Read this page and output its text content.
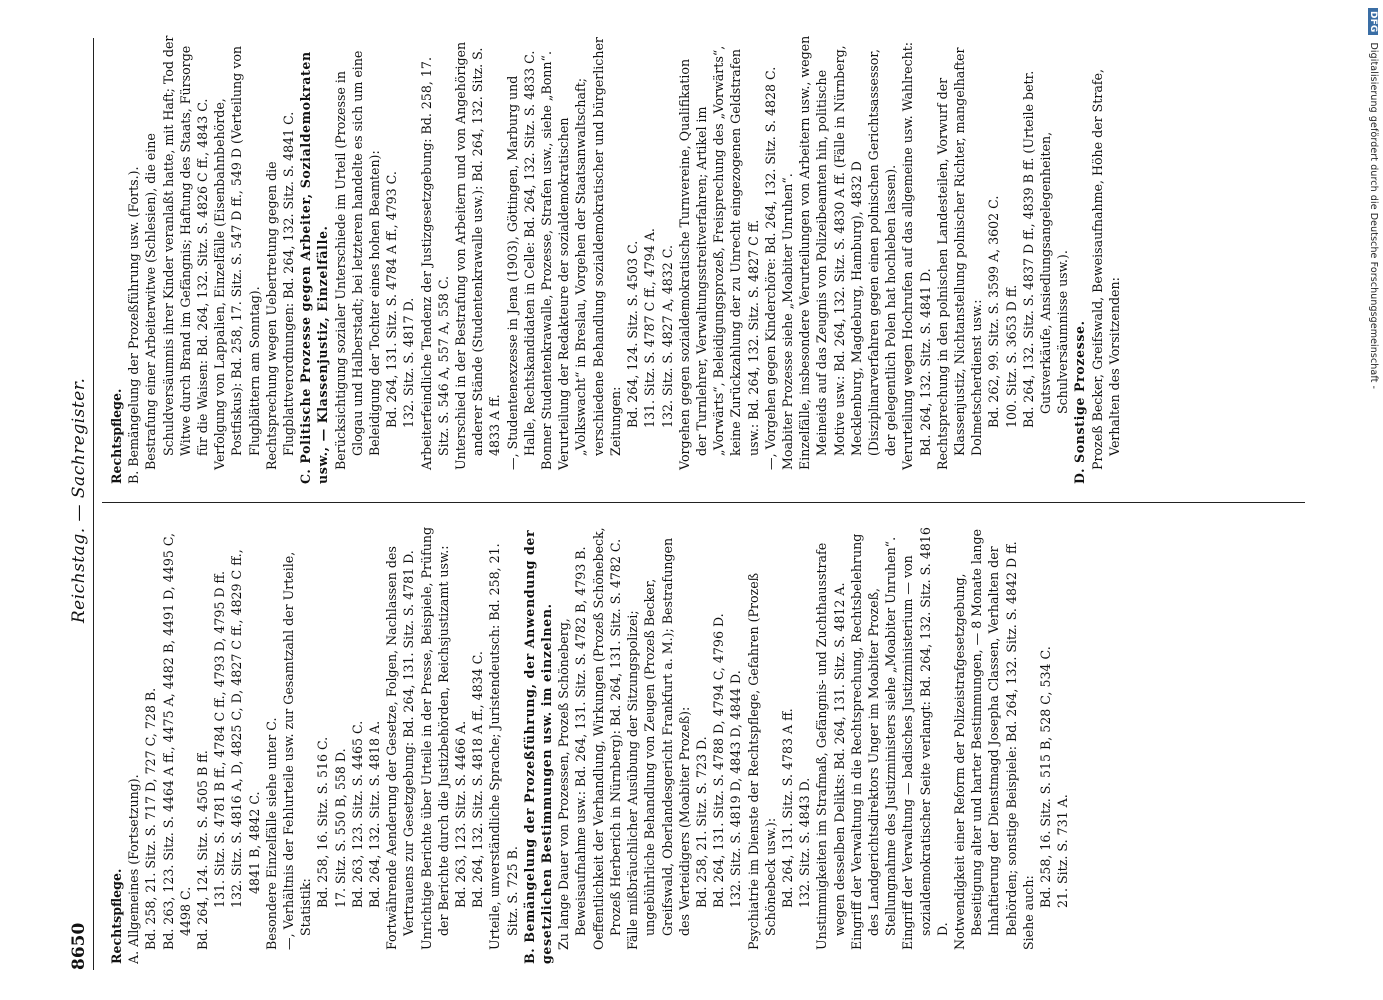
DFG Digitalisierung gefördert durch die Deutsche Forschungsgemeinschaft -
8650
Reichstag. — Sachregister.

Rechtspflege. A. Allgemeines (Fortsetzung). Bd. 258, 21. Sitz. S. 717 D, 727 C, 728 B. Bd. 263, 123. Sitz. S. 4464 A ff., 4475 A, 4482 B, 4491 D, 4495 C, 4498 C. Bd. 264, 124. Sitz. S. 4505 B ff. 131. Sitz. S. 4781 B ff., 4784 C ff., 4793 D, 4795 D ff. 132. Sitz. S. 4816 A, D, 4825 C, D, 4827 C ff., 4829 C ff., 4841 B, 4842 C. Besondere Einzelfälle siehe unter C. —, Verhältnis der Fehlurteile usw. zur Gesamtzahl der Urteile, Statistik: Bd. 258, 16. Sitz. S. 516 C. 17. Sitz. S. 550 B, 558 D. Bd. 263, 123. Sitz. S. 4465 C. Bd. 264, 132. Sitz. S. 4818 A. Fortwährende Aenderung der Gesetze, Folgen, Nachlassen des Vertrauens zur Gesetzgebung: Bd. 264, 131. Sitz. S. 4781 D. Unrichtige Berichte über Urteile in der Presse, Beispiele, Prüfung der Berichte durch die Justizbehörden, Reichsjustizamt usw.: Bd. 263, 123. Sitz. S. 4466 A. Bd. 264, 132. Sitz. S. 4818 A ff., 4834 C. Urteile, unverständliche Sprache; Juristendeutsch: Bd. 258, 21. Sitz. S. 725 B. B. Bemängelung der Prozeßführung, der Anwendung der gesetzlichen Bestimmungen usw. im einzelnen. Zu lange Dauer von Prozessen, Prozeß Schöneberg, Beweisaufnahme usw.: Bd. 264, 131. Sitz. S. 4782 B, 4793 B. Oeffentlichkeit der Verhandlung, Wirkungen (Prozeß Schönebeck, Prozeß Herberich in Nürnberg): Bd. 264, 131. Sitz. S. 4782 C. Fälle mißbräuchlicher Ausübung der Sitzungspolizei; ungebührliche Behandlung von Zeugen (Prozeß Becker, Greifswald, Oberlandesgericht Frankfurt a. M.); Bestrafungen des Verteidigers (Moabiter Prozeß): Bd. 258, 21. Sitz. S. 723 D. Bd. 264, 131. Sitz. S. 4788 D, 4794 C, 4796 D. 132. Sitz. S. 4819 D, 4843 D, 4844 D. Psychiatrie im Dienste der Rechtspflege, Gefahren (Prozeß Schönebeck usw.): Bd. 264, 131. Sitz. S. 4783 A ff. 132. Sitz. S. 4843 D. Unstimmigkeiten im Strafmaß, Gefängnis- und Zuchthausstrafe wegen desselben Delikts: Bd. 264, 131. Sitz. S. 4812 A. Eingriff der Verwaltung in die Rechtsprechung, Rechtsbelehrung des Landgerichtsdirektors Unger im Moabiter Prozeß, Stellungnahme des Justizministers siehe „Moabiter Unruhen“. Eingriff der Verwaltung — badisches Justizministerium — von sozialdemokratischer Seite verlangt: Bd. 264, 132. Sitz. S. 4816 D. Notwendigkeit einer Reform der Polizeistrafgesetzgebung, Beseitigung alter und harter Bestimmungen, — 8 Monate lange Inhaftierung der Dienstmagd Josepha Classen, Verhalten der Behörden; sonstige Beispiele: Bd. 264, 132. Sitz. S. 4842 D ff. Siehe auch:

Bd. 258, 16. Sitz. S. 515 B, 528 C, 534 C. 21. Sitz. S. 731 A.

Rechtspflege. B. Bemängelung der Prozeßführung usw. (Forts.). Bestrafung einer Arbeiterwitwe (Schlesien), die eine Schuldversäumnis ihrer Kinder veranlaßt hatte, mit Haft; Tod der Witwe durch Brand im Gefängnis; Haftung des Staats, Fürsorge für die Waisen: Bd. 264, 132. Sitz. S. 4826 C ff., 4843 C. Verfolgung von Lappalien, Einzelfälle (Eisenbahnbehörde, Postfiskus): Bd. 258, 17. Sitz. S. 547 D ff., 549 D (Verteilung von Flugblättern am Sonntag). Rechtsprechung wegen Uebertretung gegen die Flugblattverordnungen: Bd. 264, 132. Sitz. S. 4841 C. C. Politische Prozesse gegen Arbeiter, Sozialdemokraten usw., — Klassenjustiz, Einzelfälle. Berücksichtigung sozialer Unterschiede im Urteil (Prozesse in Glogau und Halberstadt; bei letzteren handelte es sich um eine Beleidigung der Tochter eines hohen Beamten): Bd. 264, 131. Sitz. S. 4784 A ff., 4793 C. 132. Sitz. S. 4817 D. Arbeiterfeindliche Tendenz der Justizgesetzgebung: Bd. 258, 17. Sitz. S. 546 A, 557 A, 558 C. Unterschied in der Bestrafung von Arbeitern und von Angehörigen anderer Stände (Studentenkrawalle usw.): Bd. 264, 132. Sitz. S. 4833 A ff. —, Studentenexzesse in Jena (1903), Göttingen, Marburg und Halle, Rechtskandidaten in Celle: Bd. 264, 132. Sitz. S. 4833 C. Bonner Studentenkrawalle, Prozesse, Strafen usw., siehe „Bonn“. Verurteilung der Redakteure der sozialdemokratischen „Volkswacht“ in Breslau, Vorgehen der Staatsanwaltschaft; verschiedene Behandlung sozialdemokratischer und bürgerlicher Zeitungen: Bd. 264, 124. Sitz. S. 4503 C. 131. Sitz. S. 4787 C ff., 4794 A. 132. Sitz. S. 4827 A, 4832 C. Vorgehen gegen sozialdemokratische Turnvereine, Qualifikation der Turnlehrer, Verwaltungsstreitverfahren; Artikel im „Vorwärts“, Beleidigungsprozeß, Freisprechung des „Vorwärts“, keine Zurückzahlung der zu Unrecht eingezogenen Geldstrafen usw.: Bd. 264, 132. Sitz. S. 4827 C ff. —, Vorgehen gegen Kinderchöre: Bd. 264, 132. Sitz. S. 4828 C. Moabiter Prozesse siehe „Moabiter Unruhen“. Einzelfälle, insbesondere Verurteilungen von Arbeitern usw., wegen Meineids auf das Zeugnis von Polizeibeamten hin, politische Motive usw.: Bd. 264, 132. Sitz. S. 4830 A ff. (Fälle in Nürnberg, Mecklenburg, Magdeburg, Hamburg), 4832 D (Disziplinarverfahren gegen einen polnischen Gerichtsassessor, der gelegentlich Polen hat hochleben lassen). Verurteilung wegen Hochrufen auf das allgemeine usw. Wahlrecht: Bd. 264, 132. Sitz. S. 4841 D. Rechtsprechung in den polnischen Landesteilen, Vorwurf der Klassenjustiz, Nichtanstellung polnischer Richter, mangelhafter Dolmetscherdienst usw.: Bd. 262, 99. Sitz. S. 3599 A, 3602 C. 100. Sitz. S. 3653 D ff. Bd. 264, 132. Sitz. S. 4837 D ff., 4839 B ff. (Urteile betr. Gutsverkäufe, Ansiedlungsangelegenheiten, Schulversäumnisse usw.). D. Sonstige Prozesse. Prozeß Becker, Greifswald, Beweisaufnahme, Höhe der Strafe, Verhalten des Vorsitzenden:
